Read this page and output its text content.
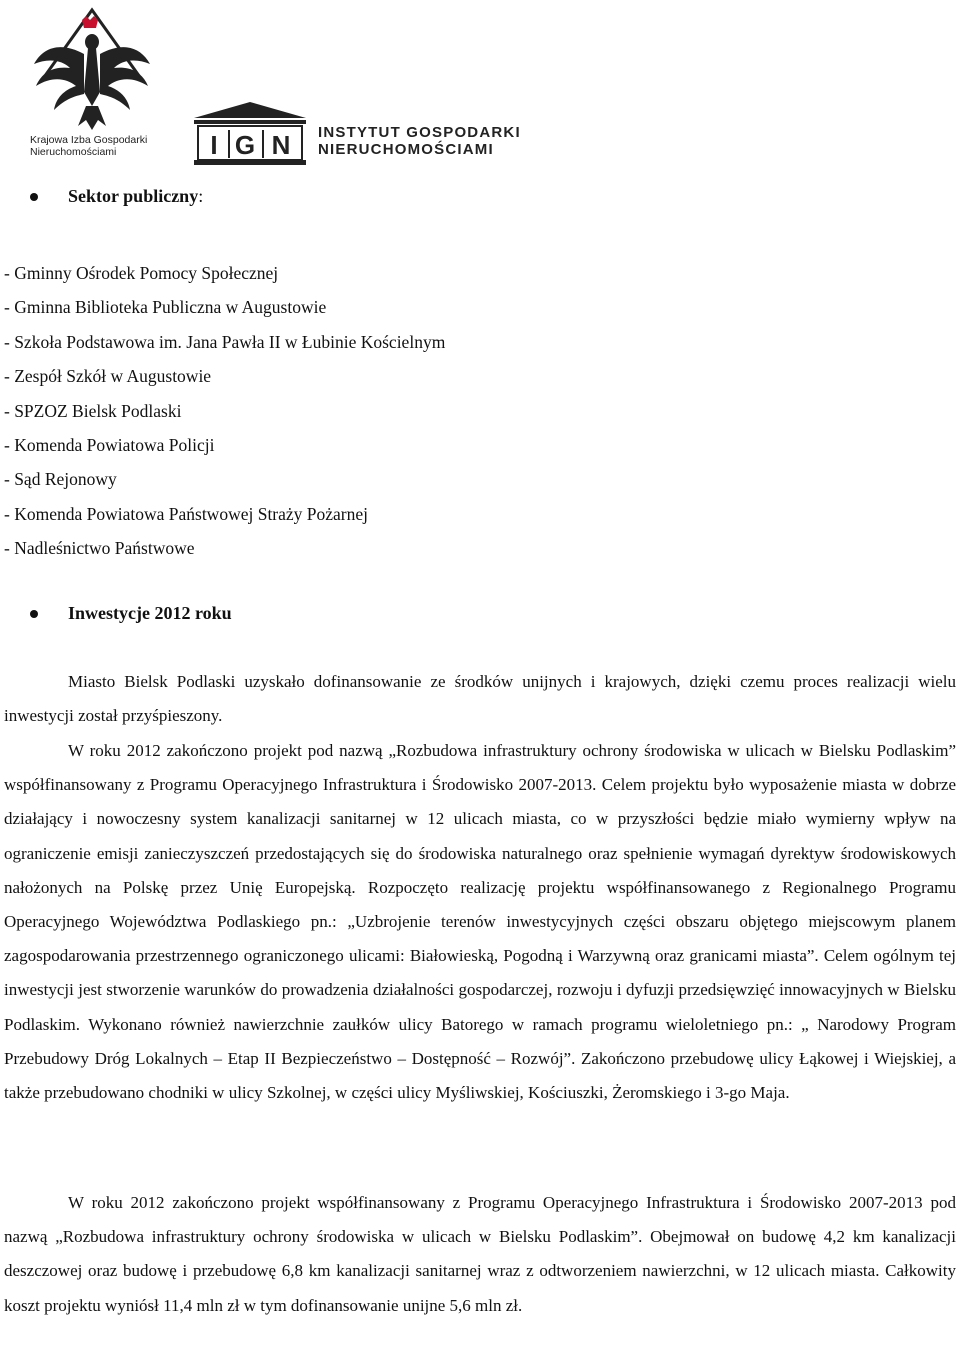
Krajowa Izba Gospodarki
Nieruchomościami	I G N INSTYTUT GOSPODARKI
NIERUCHOMOŚCIAMI
Sektor publiczny:
- Gminny Ośrodek Pomocy Społecznej
- Gminna Biblioteka Publiczna w Augustowie
- Szkoła Podstawowa im. Jana Pawła II w Łubinie Kościelnym
- Zespół Szkół w Augustowie
- SPZOZ Bielsk Podlaski
- Komenda Powiatowa Policji
- Sąd Rejonowy
- Komenda Powiatowa Państwowej Straży Pożarnej
- Nadleśnictwo Państwowe
Inwestycje 2012 roku

Miasto Bielsk Podlaski uzyskało dofinansowanie ze środków unijnych i krajowych, dzięki czemu proces realizacji wielu inwestycji został przyśpieszony.

W roku 2012 zakończono projekt pod nazwą „Rozbudowa infrastruktury ochrony środowiska w ulicach w Bielsku Podlaskim” współfinansowany z Programu Operacyjnego Infrastruktura i Środowisko 2007-2013. Celem projektu było wyposażenie miasta w dobrze działający i nowoczesny system kanalizacji sanitarnej w 12 ulicach miasta, co w przyszłości będzie miało wymierny wpływ na ograniczenie emisji zanieczyszczeń przedostających się do środowiska naturalnego oraz spełnienie wymagań dyrektyw środowiskowych nałożonych na Polskę przez Unię Europejską. Rozpoczęto realizację projektu współfinansowanego z Regionalnego Programu Operacyjnego Województwa Podlaskiego pn.: „Uzbrojenie terenów inwestycyjnych części obszaru objętego miejscowym planem zagospodarowania przestrzennego ograniczonego ulicami: Białowieską, Pogodną i Warzywną oraz granicami miasta”. Celem ogólnym tej inwestycji jest stworzenie warunków do prowadzenia działalności gospodarczej, rozwoju i dyfuzji przedsięwzięć innowacyjnych w Bielsku Podlaskim. Wykonano również nawierzchnie zaułków ulicy Batorego w ramach programu wieloletniego pn.: „ Narodowy Program Przebudowy Dróg Lokalnych – Etap II Bezpieczeństwo – Dostępność – Rozwój”. Zakończono przebudowę ulicy Łąkowej i Wiejskiej, a także przebudowano chodniki w ulicy Szkolnej, w części ulicy Myśliwskiej, Kościuszki, Żeromskiego i 3-go Maja.

W roku 2012 zakończono projekt współfinansowany z Programu Operacyjnego Infrastruktura i Środowisko 2007-2013 pod nazwą „Rozbudowa infrastruktury ochrony środowiska w ulicach w Bielsku Podlaskim”. Obejmował on budowę 4,2 km kanalizacji deszczowej oraz budowę i przebudowę 6,8 km kanalizacji sanitarnej wraz z odtworzeniem nawierzchni, w 12 ulicach miasta. Całkowity koszt projektu wyniósł 11,4 mln zł w tym dofinansowanie unijne 5,6 mln zł.
